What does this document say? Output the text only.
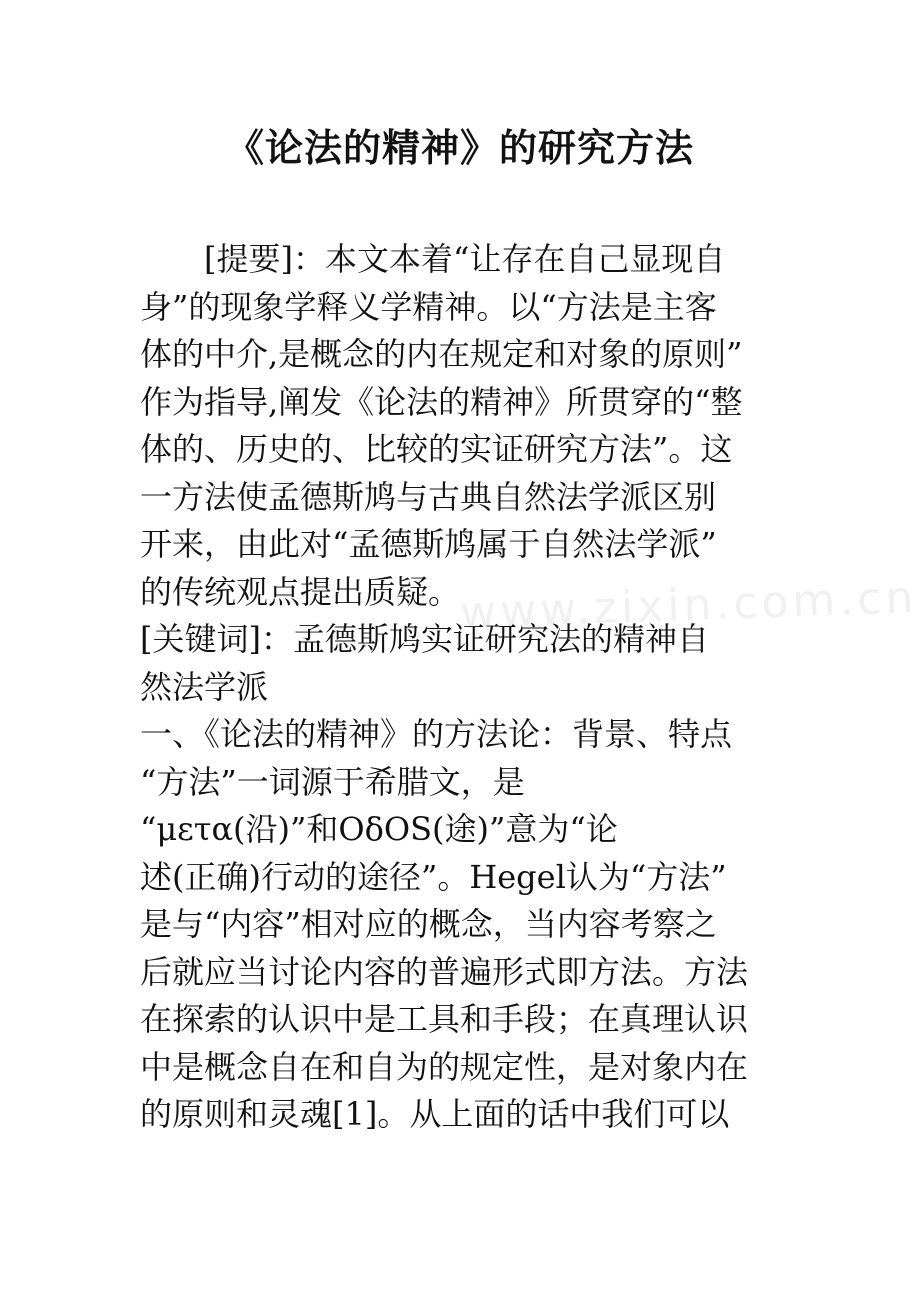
《论法的精神》的研究方法
www.zixin.com.cn
　　[提要]：本文本着“让存在自己显现自
身”的现象学释义学精神。以“方法是主客
体的中介,是概念的内在规定和对象的原则”
作为指导,阐发《论法的精神》所贯穿的“整
体的、历史的、比较的实证研究方法”。这
一方法使孟德斯鸠与古典自然法学派区别
开来，由此对“孟德斯鸠属于自然法学派”
的传统观点提出质疑。
[关键词]：孟德斯鸠实证研究法的精神自
然法学派
一、《论法的精神》的方法论：背景、特点
“方法”一词源于希腊文，是
“μετα(沿)”和ΟδΟS(途)”意为“论
述(正确)行动的途径”。Hegel认为“方法”
是与“内容”相对应的概念，当内容考察之
后就应当讨论内容的普遍形式即方法。方法
在探索的认识中是工具和手段；在真理认识
中是概念自在和自为的规定性，是对象内在
的原则和灵魂[1]。从上面的话中我们可以
